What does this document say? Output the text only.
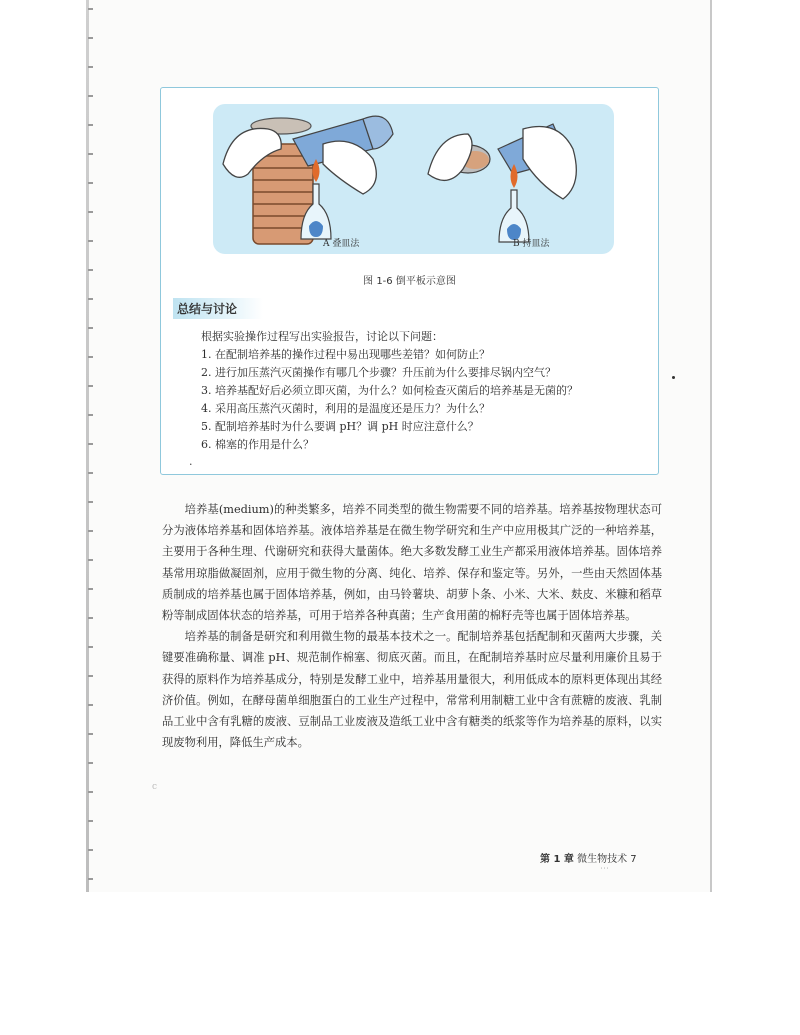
A 叠皿法	B 持皿法
图 1-6 倒平板示意图
总结与讨论

根据实验操作过程写出实验报告，讨论以下问题：

1. 在配制培养基的操作过程中易出现哪些差错？如何防止？

2. 进行加压蒸汽灭菌操作有哪几个步骤？升压前为什么要排尽锅内空气？

3. 培养基配好后必须立即灭菌，为什么？如何检查灭菌后的培养基是无菌的？

4. 采用高压蒸汽灭菌时，利用的是温度还是压力？为什么？

5. 配制培养基时为什么要调 pH？调 pH 时应注意什么？

6. 棉塞的作用是什么？

.

培养基(medium)的种类繁多，培养不同类型的微生物需要不同的培养基。培养基按物理状态可分为液体培养基和固体培养基。液体培养基是在微生物学研究和生产中应用极其广泛的一种培养基，主要用于各种生理、代谢研究和获得大量菌体。绝大多数发酵工业生产都采用液体培养基。固体培养基常用琼脂做凝固剂，应用于微生物的分离、纯化、培养、保存和鉴定等。另外，一些由天然固体基质制成的培养基也属于固体培养基，例如，由马铃薯块、胡萝卜条、小米、大米、麸皮、米糠和稻草粉等制成固体状态的培养基，可用于培养各种真菌；生产食用菌的棉籽壳等也属于固体培养基。

培养基的制备是研究和利用微生物的最基本技术之一。配制培养基包括配制和灭菌两大步骤，关键要准确称量、调准 pH、规范制作棉塞、彻底灭菌。而且，在配制培养基时应尽量利用廉价且易于获得的原料作为培养基成分，特别是发酵工业中，培养基用量很大，利用低成本的原料更体现出其经济价值。例如，在酵母菌单细胞蛋白的工业生产过程中，常常利用制糖工业中含有蔗糖的废液、乳制品工业中含有乳糖的废液、豆制品工业废液及造纸工业中含有糖类的纸浆等作为培养基的原料，以实现废物利用，降低生产成本。

c
第 1 章 微生物技术 7
⋯
